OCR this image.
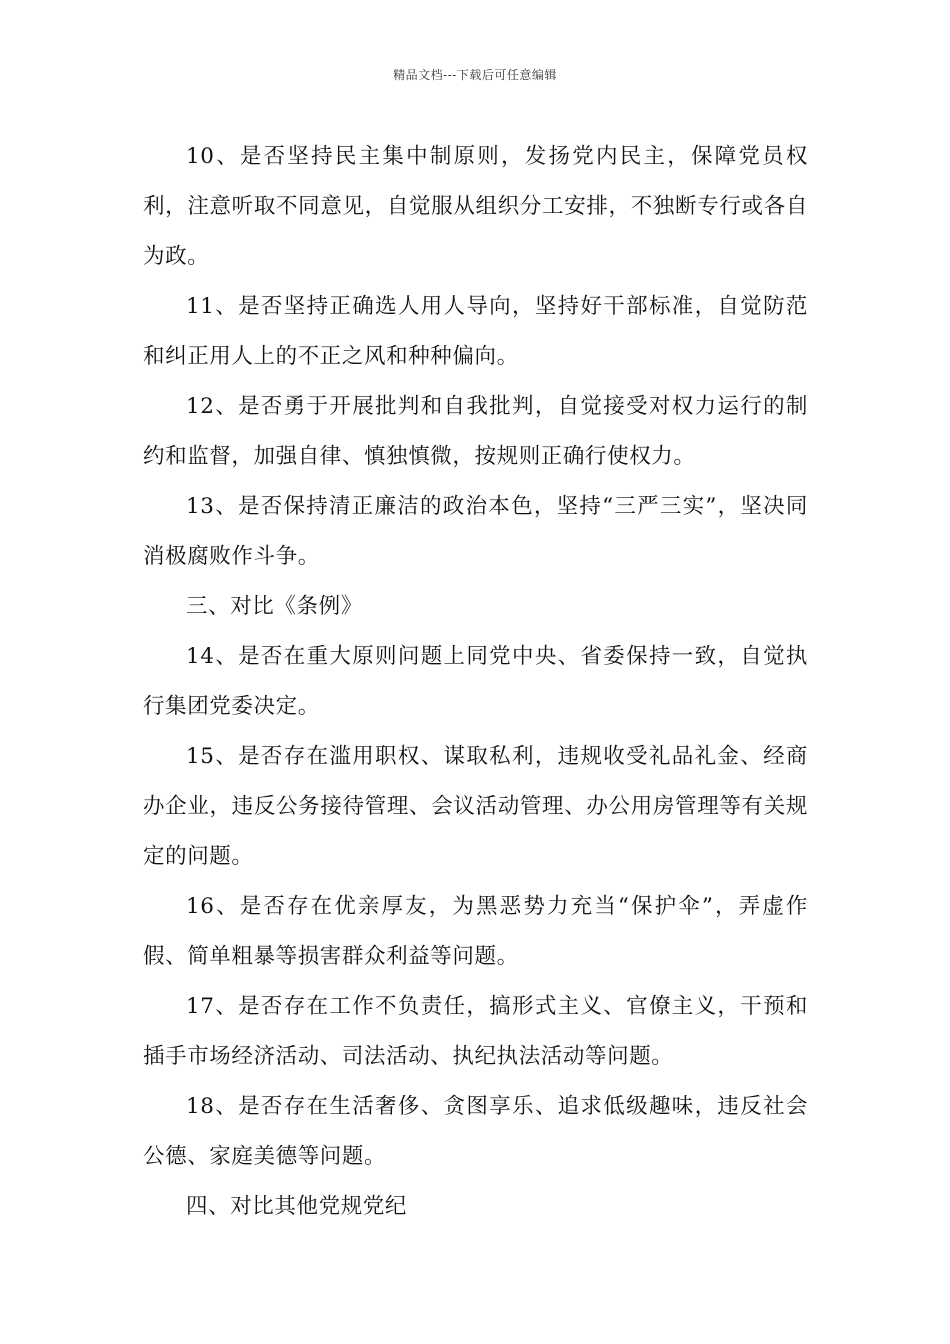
精品文档---下载后可任意编辑

10、是否坚持民主集中制原则，发扬党内民主，保障党员权利，注意听取不同意见，自觉服从组织分工安排，不独断专行或各自为政。

11、是否坚持正确选人用人导向，坚持好干部标准，自觉防范和纠正用人上的不正之风和种种偏向。

12、是否勇于开展批判和自我批判，自觉接受对权力运行的制约和监督，加强自律、慎独慎微，按规则正确行使权力。

13、是否保持清正廉洁的政治本色，坚持“三严三实”，坚决同消极腐败作斗争。

三、对比《条例》

14、是否在重大原则问题上同党中央、省委保持一致，自觉执行集团党委决定。

15、是否存在滥用职权、谋取私利，违规收受礼品礼金、经商办企业，违反公务接待管理、会议活动管理、办公用房管理等有关规定的问题。

16、是否存在优亲厚友，为黑恶势力充当“保护伞”，弄虚作假、简单粗暴等损害群众利益等问题。

17、是否存在工作不负责任，搞形式主义、官僚主义，干预和插手市场经济活动、司法活动、执纪执法活动等问题。

18、是否存在生活奢侈、贪图享乐、追求低级趣味，违反社会公德、家庭美德等问题。

四、对比其他党规党纪
